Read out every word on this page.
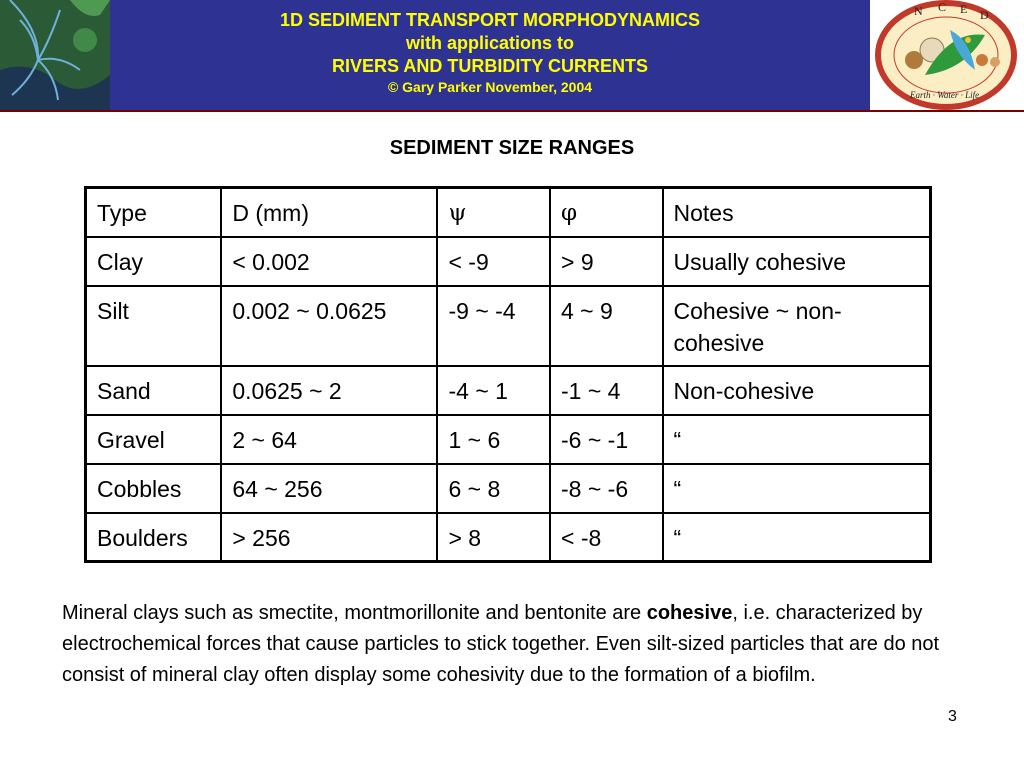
1D SEDIMENT TRANSPORT MORPHODYNAMICS
with applications to
RIVERS AND TURBIDITY CURRENTS
© Gary Parker November, 2004
N C E D
Earth · Water · Life
SEDIMENT SIZE RANGES
Type	D (mm)	ψ	φ	Notes
Clay	< 0.002	< -9	> 9	Usually cohesive
Silt	0.002 ~ 0.0625	-9 ~ -4	4 ~ 9	Cohesive ~ non-cohesive
Sand	0.0625 ~ 2	-4 ~ 1	-1 ~ 4	Non-cohesive
Gravel	2 ~ 64	1 ~ 6	-6 ~ -1	“
Cobbles	64 ~ 256	6 ~ 8	-8 ~ -6	“
Boulders	> 256	> 8	< -8	“
Mineral clays such as smectite, montmorillonite and bentonite are cohesive, i.e. characterized by electrochemical forces that cause particles to stick together. Even silt-sized particles that are do not consist of mineral clay often display some cohesivity due to the formation of a biofilm.
3
